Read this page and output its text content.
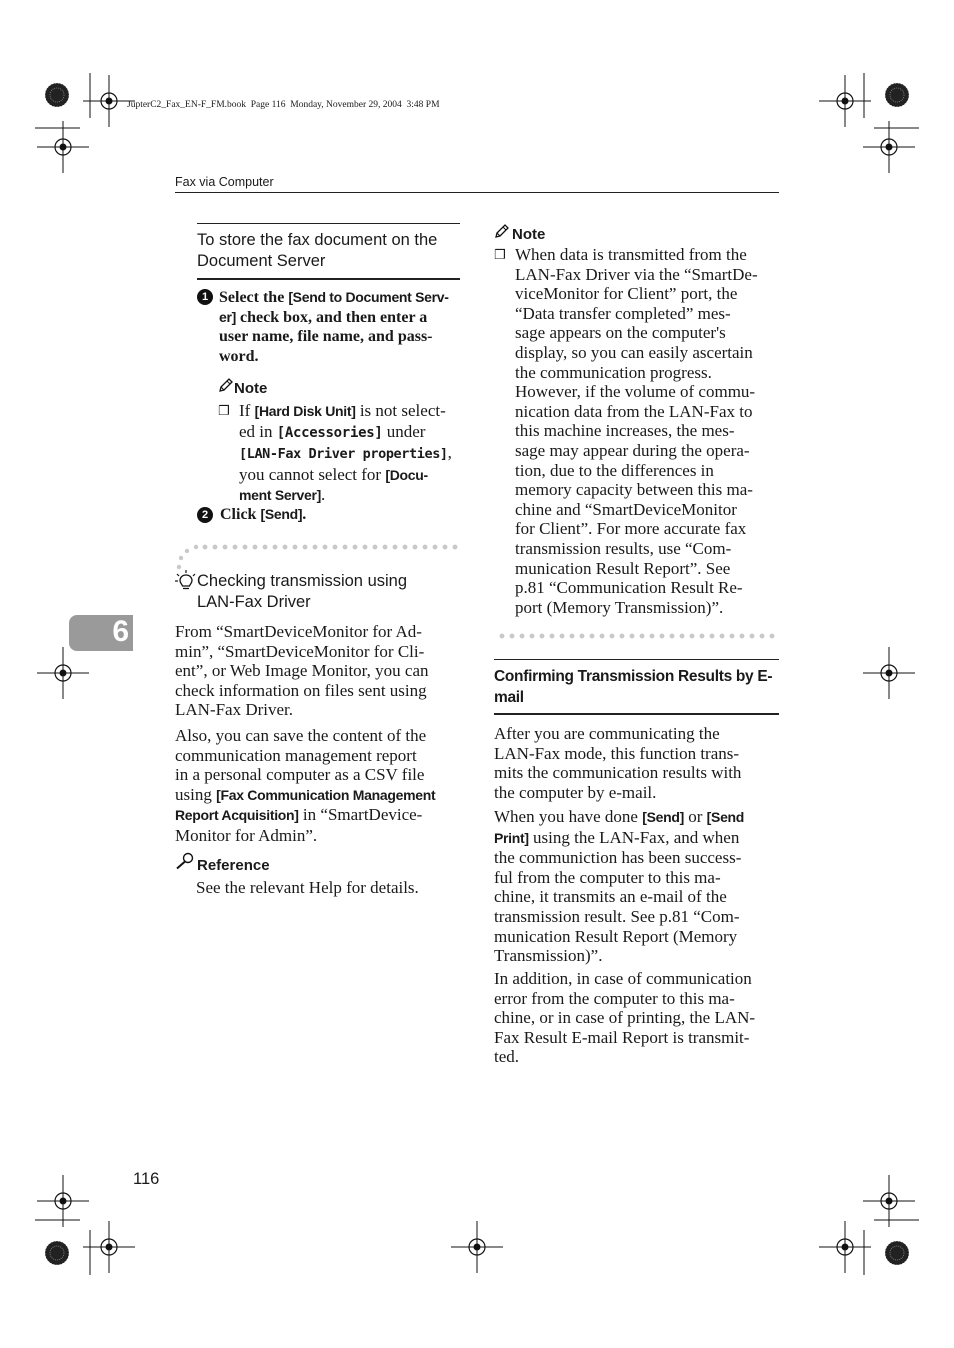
JupterC2_Fax_EN-F_FM.book  Page 116  Monday, November 29, 2004  3:48 PM
Fax via Computer
6
To store the fax document on the
Document Server
1 Select the [Send to Document Serv-
er] check box, and then enter a
user name, file name, and pass-
word.
Note
❒ If [Hard Disk Unit] is not select-
ed in [Accessories] under
[LAN-Fax Driver properties],
you cannot select for [Docu-
ment Server].
2 Click [Send].
Checking transmission using
LAN-Fax Driver
From “SmartDeviceMonitor for Ad-
min”, “SmartDeviceMonitor for Cli-
ent”, or Web Image Monitor, you can
check information on files sent using
LAN-Fax Driver.
Also, you can save the content of the
communication management report
in a personal computer as a CSV file
using [Fax Communication Management
Report Acquisition] in “SmartDevice-
Monitor for Admin”.
Reference
See the relevant Help for details.
Note
❒ When data is transmitted from the
LAN-Fax Driver via the “SmartDe-
viceMonitor for Client” port, the
“Data transfer completed” mes-
sage appears on the computer's
display, so you can easily ascertain
the communication progress.
However, if the volume of commu-
nication data from the LAN-Fax to
this machine increases, the mes-
sage may appear during the opera-
tion, due to the differences in
memory capacity between this ma-
chine and “SmartDeviceMonitor
for Client”. For more accurate fax
transmission results, use “Com-
munication Result Report”. See
p.81 “Communication Result Re-
port (Memory Transmission)”.
Confirming Transmission Results by E-
mail
After you are communicating the
LAN-Fax mode, this function trans-
mits the communication results with
the computer by e-mail.
When you have done [Send] or [Send
Print] using the LAN-Fax, and when
the communiction has been success-
ful from the computer to this ma-
chine, it transmits an e-mail of the
transmission result. See p.81 “Com-
munication Result Report (Memory
Transmission)”.
In addition, in case of communication
error from the computer to this ma-
chine, or in case of printing, the LAN-
Fax Result E-mail Report is transmit-
ted.
116
